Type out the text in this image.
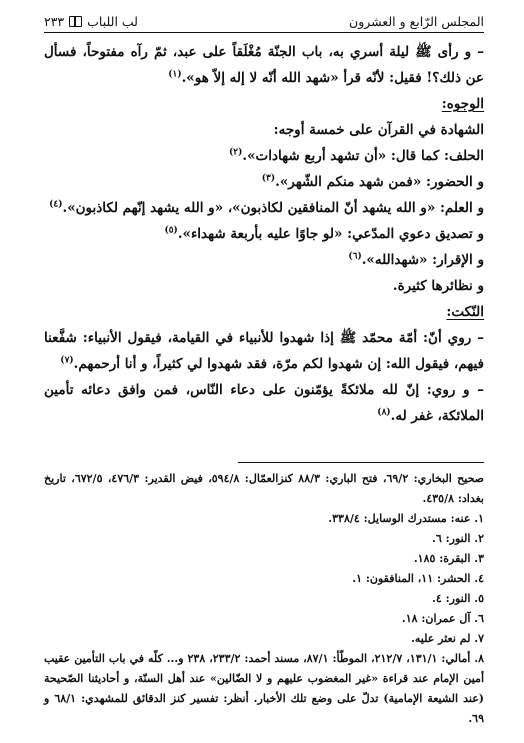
المجلس الرّابع و العشرون
لب اللباب
٢٣٣

– و رأى ﷺ ليلة أسري به، باب الجنّة مُغْلَقاً على عبد، ثمّ رآه مفتوحاً، فسأل عن ذلك؟! فقيل: لأنّه قرأ «شهد الله أنّه لا إله إلاّ هو».$^{(١)}$

الوجوه:

الشهادة في القرآن على خمسة أوجه:

الحلف: كما قال: «أن تشهد أربع شهادات».$^{(٢)}$

و الحضور: «فمن شهد منكم الشّهر».$^{(٣)}$

و العلم: «و الله يشهد أنّ المنافقين لكاذبون»، «و الله يشهد إنّهم لكاذبون».$^{(٤)}$

و تصديق دعوي المدّعي: «لو جاوًا عليه بأربعة شهداء».$^{(٥)}$

و الإقرار: «شهدالله».$^{(٦)}$

و نظائرها كثيرة.

النّكت:

– روي أنّ: أمّة محمّد ﷺ إذا شهدوا للأنبياء في القيامة، فيقول الأنبياء: شفَّعنا فيهم، فيقول الله: إن شهدوا لكم مرّة، فقد شهدوا لي كثيراً، و أنا أرحمهم.$^{(٧)}$

– و روي: إنّ لله ملائكةً يؤمّنون على دعاء النّاس، فمن وافق دعائه تأمين الملائكة، غفر له.$^{(٨)}$

صحيح البخاري: ٦٩/٢، فتح الباري: ٨٨/٣ كنزالعمّال: ٥٩٤/٨، فيض القدير: ٤٧٦/٣، ٦٧٢/٥، تاريخ بغداد: ٤٣٥/٨.

١. عنه: مستدرك الوسايل: ٣٣٨/٤.

٢. النور: ٦.

٣. البقرة: ١٨٥.

٤. الحشر: ١١، المنافقون: ١.

٥. النور: ٤.

٦. آل عمران: ١٨.

٧. لم نعثر عليه.

٨. أمالي: ١٣١/١، ٢١٢/٧، الموطّأ: ٨٧/١، مسند أحمد: ٢٣٣/٢، ٢٣٨ و... كلّه في باب التأمين عقيب أمين الإمام عند قراءة «غير المغضوب عليهم و لا الضّالين» عند أهل السنّة، و أحاديثنا الصّحيحة (عند الشيعة الإمامية) تدلّ على وضع تلك الأخبار. أنظر: تفسير كنز الدقائق للمشهدي: ٦٨/١ و ٦٩.
